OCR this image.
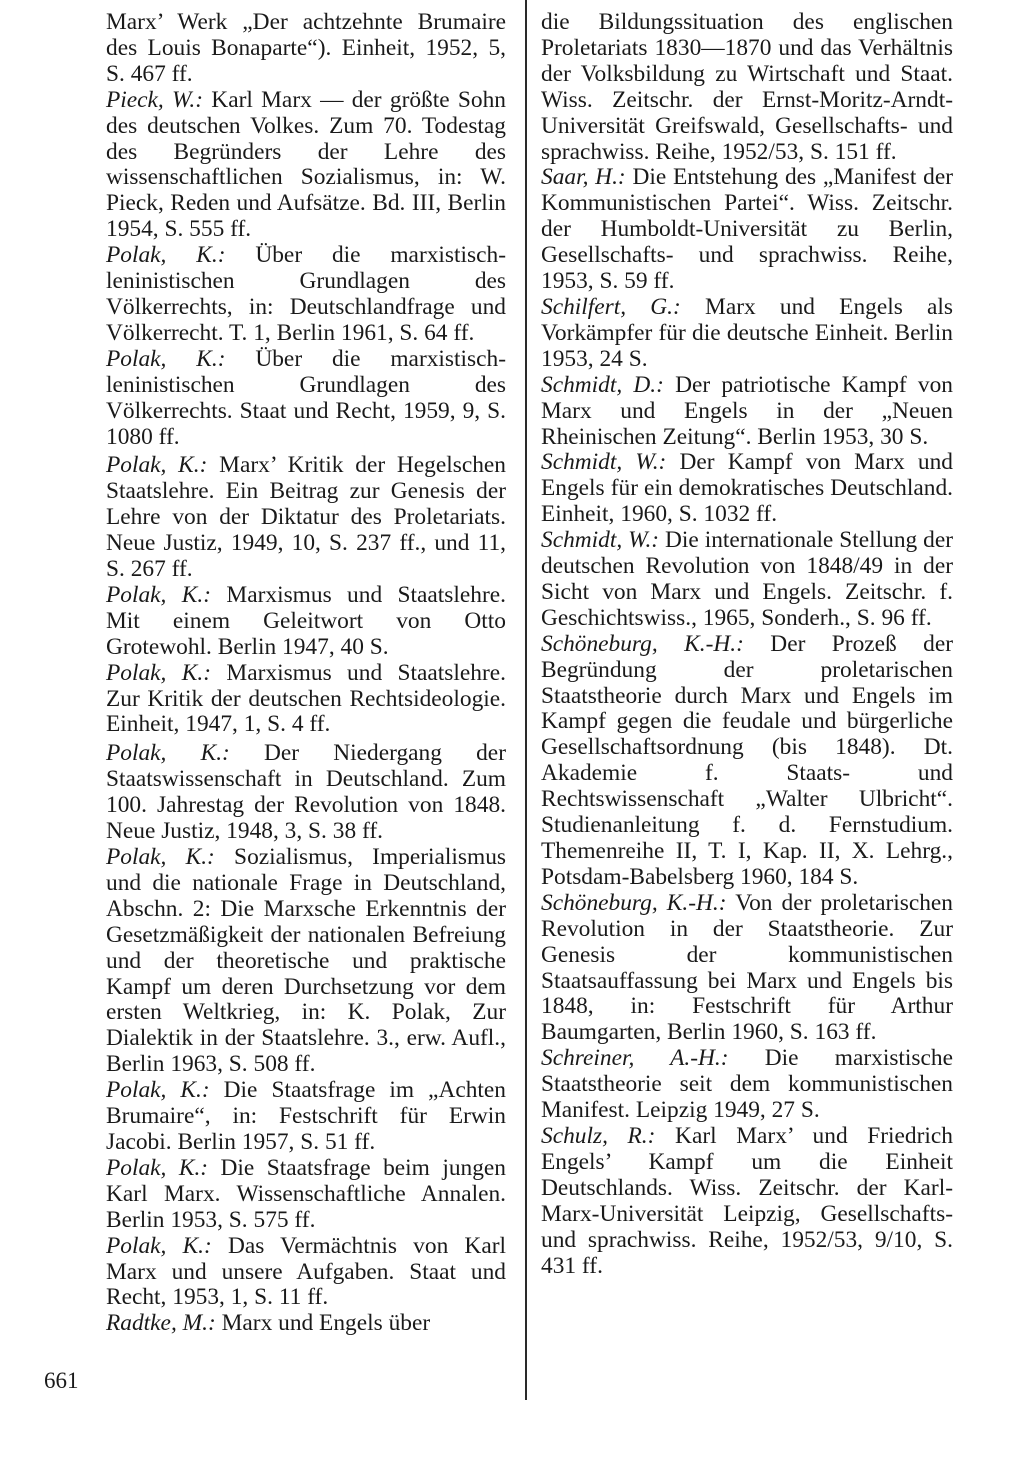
Marx’ Werk „Der achtzehnte Brumaire des Louis Bonaparte“). Einheit, 1952, 5, S. 467 ff.

Pieck, W.: Karl Marx — der größte Sohn des deutschen Volkes. Zum 70. Todestag des Begründers der Lehre des wissenschaftlichen Sozialismus, in: W. Pieck, Reden und Aufsätze. Bd. III, Berlin 1954, S. 555 ff.

Polak, K.: Über die marxistisch-leninistischen Grundlagen des Völkerrechts, in: Deutschlandfrage und Völkerrecht. T. 1, Berlin 1961, S. 64 ff.

Polak, K.: Über die marxistisch-leninistischen Grundlagen des Völkerrechts. Staat und Recht, 1959, 9, S. 1080 ff.

Polak, K.: Marx’ Kritik der Hegelschen Staatslehre. Ein Beitrag zur Genesis der Lehre von der Diktatur des Proletariats. Neue Justiz, 1949, 10, S. 237 ff., und 11, S. 267 ff.

Polak, K.: Marxismus und Staatslehre. Mit einem Geleitwort von Otto Grotewohl. Berlin 1947, 40 S.

Polak, K.: Marxismus und Staatslehre. Zur Kritik der deutschen Rechtsideologie. Einheit, 1947, 1, S. 4 ff.

Polak, K.: Der Niedergang der Staatswissenschaft in Deutschland. Zum 100. Jahrestag der Revolution von 1848. Neue Justiz, 1948, 3, S. 38 ff.

Polak, K.: Sozialismus, Imperialismus und die nationale Frage in Deutschland, Abschn. 2: Die Marxsche Erkenntnis der Gesetzmäßigkeit der nationalen Befreiung und der theoretische und praktische Kampf um deren Durchsetzung vor dem ersten Weltkrieg, in: K. Polak, Zur Dialektik in der Staatslehre. 3., erw. Aufl., Berlin 1963, S. 508 ff.

Polak, K.: Die Staatsfrage im „Achten Brumaire“, in: Festschrift für Erwin Jacobi. Berlin 1957, S. 51 ff.

Polak, K.: Die Staatsfrage beim jungen Karl Marx. Wissenschaftliche Annalen. Berlin 1953, S. 575 ff.

Polak, K.: Das Vermächtnis von Karl Marx und unsere Aufgaben. Staat und Recht, 1953, 1, S. 11 ff.

Radtke, M.: Marx und Engels über

die Bildungssituation des englischen Proletariats 1830—1870 und das Verhältnis der Volksbildung zu Wirtschaft und Staat. Wiss. Zeitschr. der Ernst-Moritz-Arndt-Universität Greifswald, Gesellschafts- und sprachwiss. Reihe, 1952/53, S. 151 ff.

Saar, H.: Die Entstehung des „Manifest der Kommunistischen Partei“. Wiss. Zeitschr. der Humboldt-Universität zu Berlin, Gesellschafts- und sprachwiss. Reihe, 1953, S. 59 ff.

Schilfert, G.: Marx und Engels als Vorkämpfer für die deutsche Einheit. Berlin 1953, 24 S.

Schmidt, D.: Der patriotische Kampf von Marx und Engels in der „Neuen Rheinischen Zeitung“. Berlin 1953, 30 S.

Schmidt, W.: Der Kampf von Marx und Engels für ein demokratisches Deutschland. Einheit, 1960, S. 1032 ff.

Schmidt, W.: Die internationale Stellung der deutschen Revolution von 1848/49 in der Sicht von Marx und Engels. Zeitschr. f. Geschichtswiss., 1965, Sonderh., S. 96 ff.

Schöneburg, K.-H.: Der Prozeß der Begründung der proletarischen Staatstheorie durch Marx und Engels im Kampf gegen die feudale und bürgerliche Gesellschaftsordnung (bis 1848). Dt. Akademie f. Staats- und Rechtswissenschaft „Walter Ulbricht“. Studienanleitung f. d. Fernstudium. Themenreihe II, T. I, Kap. II, X. Lehrg., Potsdam-Babelsberg 1960, 184 S.

Schöneburg, K.-H.: Von der proletarischen Revolution in der Staatstheorie. Zur Genesis der kommunistischen Staatsauffassung bei Marx und Engels bis 1848, in: Festschrift für Arthur Baumgarten, Berlin 1960, S. 163 ff.

Schreiner, A.-H.: Die marxistische Staatstheorie seit dem kommunistischen Manifest. Leipzig 1949, 27 S.

Schulz, R.: Karl Marx’ und Friedrich Engels’ Kampf um die Einheit Deutschlands. Wiss. Zeitschr. der Karl-Marx-Universität Leipzig, Gesellschafts- und sprachwiss. Reihe, 1952/53, 9/10, S. 431 ff.

661
